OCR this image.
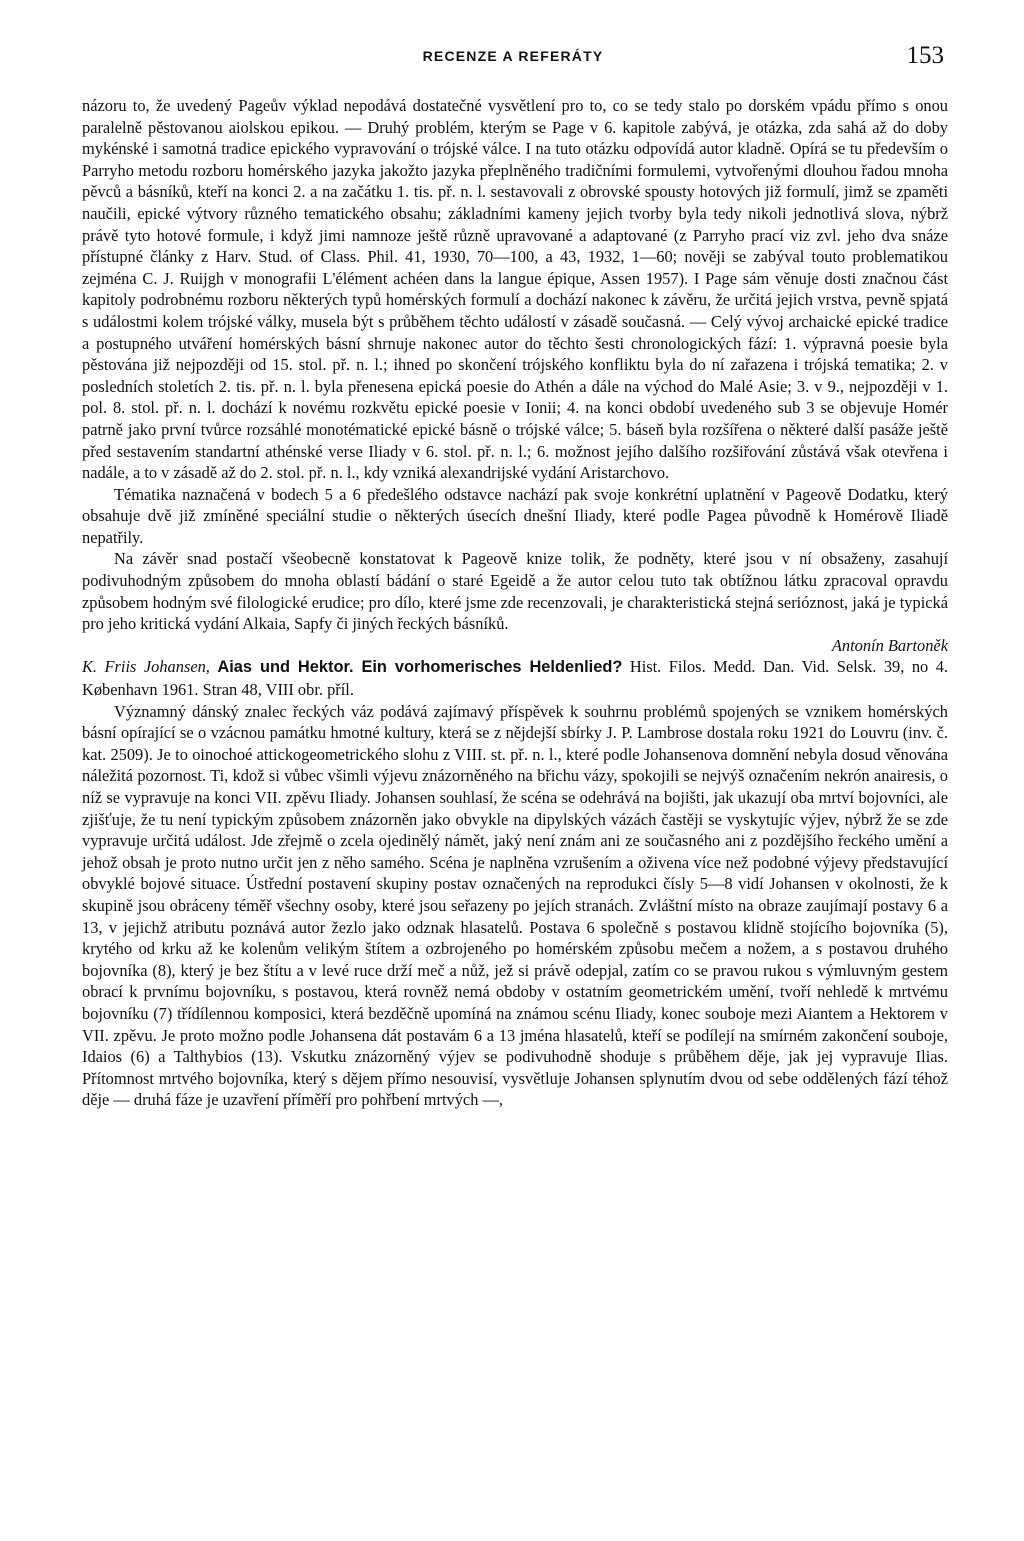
RECENZE A REFERÁTY	153

názoru to, že uvedený Pageův výklad nepodává dostatečné vysvětlení pro to, co se tedy stalo po dorském vpádu přímo s onou paralelně pěstovanou aiolskou epikou. — Druhý problém, kterým se Page v 6. kapitole zabývá, je otázka, zda sahá až do doby mykénské i samotná tradice epického vypravování o trójské válce. I na tuto otázku odpovídá autor kladně. Opírá se tu především o Parryho metodu rozboru homérského jazyka jakožto jazyka přeplněného tradičními formulemi, vytvořenými dlouhou řadou mnoha pěvců a básníků, kteří na konci 2. a na začátku 1. tis. př. n. l. sestavovali z obrovské spousty hotových již formulí, jimž se zpaměti naučili, epické výtvory různého tematického obsahu; základními kameny jejich tvorby byla tedy nikoli jednotlivá slova, nýbrž právě tyto hotové formule, i když jimi namnoze ještě různě upravované a adaptované (z Parryho prací viz zvl. jeho dva snáze přístupné články z Harv. Stud. of Class. Phil. 41, 1930, 70—100, a 43, 1932, 1—60; nověji se zabýval touto problematikou zejména C. J. Ruijgh v monografii L'élément achéen dans la langue épique, Assen 1957). I Page sám věnuje dosti značnou část kapitoly podrobnému rozboru některých typů homérských formulí a dochází nakonec k závěru, že určitá jejich vrstva, pevně spjatá s událostmi kolem trójské války, musela být s průběhem těchto událostí v zásadě současná. — Celý vývoj archaické epické tradice a postupného utváření homérských básní shrnuje nakonec autor do těchto šesti chronologických fází: 1. výpravná poesie byla pěstována již nejpozději od 15. stol. př. n. l.; ihned po skončení trójského konfliktu byla do ní zařazena i trójská tematika; 2. v posledních stoletích 2. tis. př. n. l. byla přenesena epická poesie do Athén a dále na východ do Malé Asie; 3. v 9., nejpozději v 1. pol. 8. stol. př. n. l. dochází k novému rozkvětu epické poesie v Ionii; 4. na konci období uvedeného sub 3 se objevuje Homér patrně jako první tvůrce rozsáhlé monotématické epické básně o trójské válce; 5. báseň byla rozšířena o některé další pasáže ještě před sestavením standartní athénské verse Iliady v 6. stol. př. n. l.; 6. možnost jejího dalšího rozšiřování zůstává však otevřena i nadále, a to v zásadě až do 2. stol. př. n. l., kdy vzniká alexandrijské vydání Aristarchovo.

Tématika naznačená v bodech 5 a 6 předešlého odstavce nachází pak svoje konkrétní uplatnění v Pageově Dodatku, který obsahuje dvě již zmíněné speciální studie o některých úsecích dnešní Iliady, které podle Pagea původně k Homérově Iliadě nepatřily.

Na závěr snad postačí všeobecně konstatovat k Pageově knize tolik, že podněty, které jsou v ní obsaženy, zasahují podivuhodným způsobem do mnoha oblastí bádání o staré Egeidě a že autor celou tuto tak obtížnou látku zpracoval opravdu způsobem hodným své filologické erudice; pro dílo, které jsme zde recenzovali, je charakteristická stejná serióznost, jaká je typická pro jeho kritická vydání Alkaia, Sapfy či jiných řeckých básníků.

Antonín Bartoněk

K. Friis Johansen, Aias und Hektor. Ein vorhomerisches Heldenlied? Hist. Filos. Medd. Dan. Vid. Selsk. 39, no 4. København 1961. Stran 48, VIII obr. příl.

Významný dánský znalec řeckých váz podává zajímavý příspěvek k souhrnu problémů spojených se vznikem homérských básní opírající se o vzácnou památku hmotné kultury, která se z nějdejší sbírky J. P. Lambrose dostala roku 1921 do Louvru (inv. č. kat. 2509). Je to oinochoé attickogeometrického slohu z VIII. st. př. n. l., které podle Johansenova domnění nebyla dosud věnována náležitá pozornost. Ti, kdož si vůbec všimli výjevu znázorněného na břichu vázy, spokojili se nejvýš označením nekrón anairesis, o níž se vypravuje na konci VII. zpěvu Iliady. Johansen souhlasí, že scéna se odehrává na bojišti, jak ukazují oba mrtví bojovníci, ale zjišťuje, že tu není typickým způsobem znázorněn jako obvykle na dipylských vázách častěji se vyskytujíc výjev, nýbrž že se zde vypravuje určitá událost. Jde zřejmě o zcela ojedinělý námět, jaký není znám ani ze současného ani z pozdějšího řeckého umění a jehož obsah je proto nutno určit jen z něho samého. Scéna je naplněna vzrušením a oživena více než podobné výjevy představující obvyklé bojové situace. Ústřední postavení skupiny postav označených na reprodukci čísly 5—8 vidí Johansen v okolnosti, že k skupině jsou obráceny téměř všechny osoby, které jsou seřazeny po jejích stranách. Zvláštní místo na obraze zaujímají postavy 6 a 13, v jejichž atributu poznává autor žezlo jako odznak hlasatelů. Postava 6 společně s postavou klidně stojícího bojovníka (5), krytého od krku až ke kolenům velikým štítem a ozbrojeného po homérském způsobu mečem a nožem, a s postavou druhého bojovníka (8), který je bez štítu a v levé ruce drží meč a nůž, jež si právě odepjal, zatím co se pravou rukou s výmluvným gestem obrací k prvnímu bojovníku, s postavou, která rovněž nemá obdoby v ostatním geometrickém umění, tvoří nehledě k mrtvému bojovníku (7) třídílennou komposici, která bezděčně upomíná na známou scénu Iliady, konec souboje mezi Aiantem a Hektorem v VII. zpěvu. Je proto možno podle Johansena dát postavám 6 a 13 jména hlasatelů, kteří se podílejí na smírném zakončení souboje, Idaios (6) a Talthybios (13). Vskutku znázorněný výjev se podivuhodně shoduje s průběhem děje, jak jej vypravuje Ilias. Přítomnost mrtvého bojovníka, který s dějem přímo nesouvisí, vysvětluje Johansen splynutím dvou od sebe oddělených fází téhož děje — druhá fáze je uzavření příměří pro pohřbení mrtvých —,
